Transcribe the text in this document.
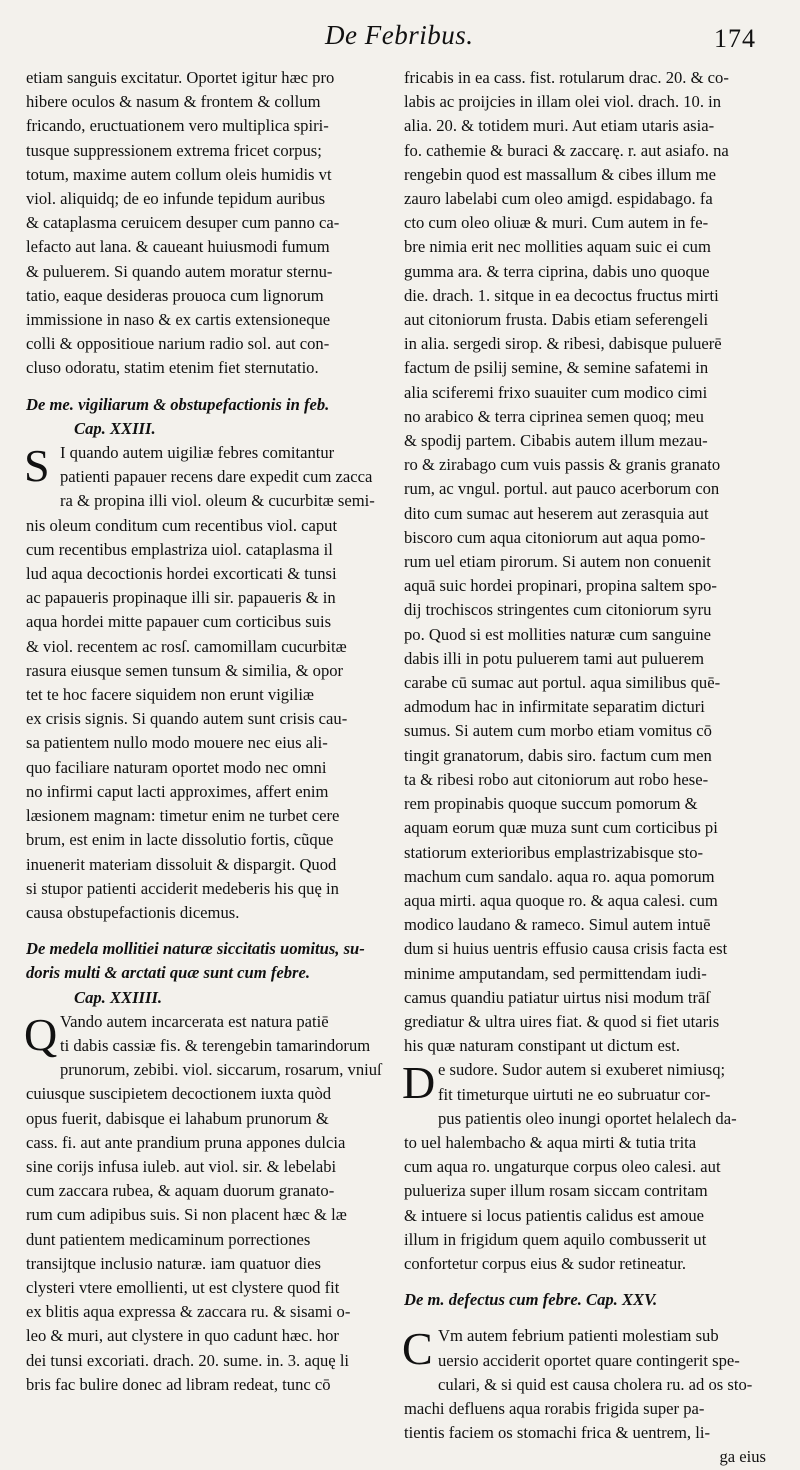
De Febribus.	174
etiam sanguis excitatur. Oportet igitur hæc pro
hibere oculos & nasum & frontem & collum
fricando, eructuationem vero multiplica spiri-
tusque suppressionem extrema fricet corpus;
totum, maxime autem collum oleis humidis vt
viol. aliquidq; de eo infunde tepidum auribus
& cataplasma ceruicem desuper cum panno ca-
lefacto aut lana. & caueant huiusmodi fumum
& puluerem. Si quando autem moratur sternu-
tatio, eaque desideras prouoca cum lignorum
immissione in naso & ex cartis extensioneque
colli & oppositioue narium radio sol. aut con-
cluso odoratu, statim etenim fiet sternutatio.
De me. vigiliarum & obstupefactionis in feb.
Cap. XXIII.
S I quando autem uigiliæ febres comitantur
patienti papauer recens dare expedit cum zacca
ra & propina illi viol. oleum & cucurbitæ semi-
nis oleum conditum cum recentibus viol. caput
cum recentibus emplastriza uiol. cataplasma il
lud aqua decoctionis hordei excorticati & tunsi
ac papaueris propinaque illi sir. papaueris & in
aqua hordei mitte papauer cum corticibus suis
& viol. recentem ac rosſ. camomillam cucurbitæ
rasura eiusque semen tunsum & similia, & opor
tet te hoc facere siquidem non erunt vigiliæ
ex crisis signis. Si quando autem sunt crisis cau-
sa patientem nullo modo mouere nec eius ali-
quo faciliare naturam oportet modo nec omni
no infirmi caput lacti approximes, affert enim
læsionem magnam: timetur enim ne turbet cere
brum, est enim in lacte dissolutio fortis, cũque
inuenerit materiam dissoluit & dispargit. Quod
si stupor patienti acciderit medeberis his quę in
causa obstupefactionis dicemus.
De medela mollitiei naturæ siccitatis uomitus, su-
doris multi & arctati quæ sunt cum febre.
Cap. XXIIII.
Q Vando autem incarcerata est natura patiē
ti dabis cassiæ fis. & terengebin tamarindorum
prunorum, zebibi. viol. siccarum, rosarum, vniuſ
cuiusque suscipietem decoctionem iuxta quòd
opus fuerit, dabisque ei lahabum prunorum &
cass. fi. aut ante prandium pruna appones dulcia
sine corijs infusa iuleb. aut viol. sir. & lebelabi
cum zaccara rubea, & aquam duorum granato-
rum cum adipibus suis. Si non placent hæc & læ
dunt patientem medicaminum porrectiones
transijtque inclusio naturæ. iam quatuor dies
clysteri vtere emollienti, ut est clystere quod fit
ex blitis aqua expressa & zaccara ru. & sisami o-
leo & muri, aut clystere in quo cadunt hæc. hor
dei tunsi excoriati. drach. 20. sume. in. 3. aquę li
bris fac bulire donec ad libram redeat, tunc cō
fricabis in ea cass. fist. rotularum drac. 20. & co-
labis ac proijcies in illam olei viol. drach. 10. in
alia. 20. & totidem muri. Aut etiam utaris asia-
fo. cathemie & buraci & zaccarę. r. aut asiafo. na
rengebin quod est massallum & cibes illum me
zauro labelabi cum oleo amigd. espidabago. fa
cto cum oleo oliuæ & muri. Cum autem in fe-
bre nimia erit nec mollities aquam suic ei cum
gumma ara. & terra ciprina, dabis uno quoque
die. drach. 1. sitque in ea decoctus fructus mirti
aut citoniorum frusta. Dabis etiam seferengeli
in alia. sergedi sirop. & ribesi, dabisque puluerē
factum de psilij semine, & semine safatemi in
alia sciferemi frixo suauiter cum modico cimi
no arabico & terra ciprinea semen quoq; meu
& spodij partem. Cibabis autem illum mezau-
ro & zirabago cum vuis passis & granis granato
rum, ac vngul. portul. aut pauco acerborum con
dito cum sumac aut heserem aut zerasquia aut
biscoro cum aqua citoniorum aut aqua pomo-
rum uel etiam pirorum. Si autem non conuenit
aquā suic hordei propinari, propina saltem spo-
dij trochiscos stringentes cum citoniorum syru
po. Quod si est mollities naturæ cum sanguine
dabis illi in potu puluerem tami aut puluerem
carabe cū sumac aut portul. aqua similibus quē-
admodum hac in infirmitate separatim dicturi
sumus. Si autem cum morbo etiam vomitus cō
tingit granatorum, dabis siro. factum cum men
ta & ribesi robo aut citoniorum aut robo hese-
rem propinabis quoque succum pomorum &
aquam eorum quæ muza sunt cum corticibus pi
statiorum exterioribus emplastrizabisque sto-
machum cum sandalo. aqua ro. aqua pomorum
aqua mirti. aqua quoque ro. & aqua calesi. cum
modico laudano & rameco. Simul autem intuē
dum si huius uentris effusio causa crisis facta est
minime amputandam, sed permittendam iudi-
camus quandiu patiatur uirtus nisi modum trāſ
grediatur & ultra uires fiat. & quod si fiet utaris
his quæ naturam constipant ut dictum est.
D e sudore. Sudor autem si exuberet nimiusq;
fit timeturque uirtuti ne eo subruatur cor-
pus patientis oleo inungi oportet helalech da-
to uel halembacho & aqua mirti & tutia trita
cum aqua ro. ungaturque corpus oleo calesi. aut
pulueriza super illum rosam siccam contritam
& intuere si locus patientis calidus est amoue
illum in frigidum quem aquilo combusserit ut
confortetur corpus eius & sudor retineatur.
De m. defectus cum febre. Cap. XXV.
C Vm autem febrium patienti molestiam sub
uersio acciderit oportet quare contingerit spe-
culari, & si quid est causa cholera ru. ad os sto-
machi defluens aqua rorabis frigida super pa-
tientis faciem os stomachi frica & uentrem, li-
ga eius
